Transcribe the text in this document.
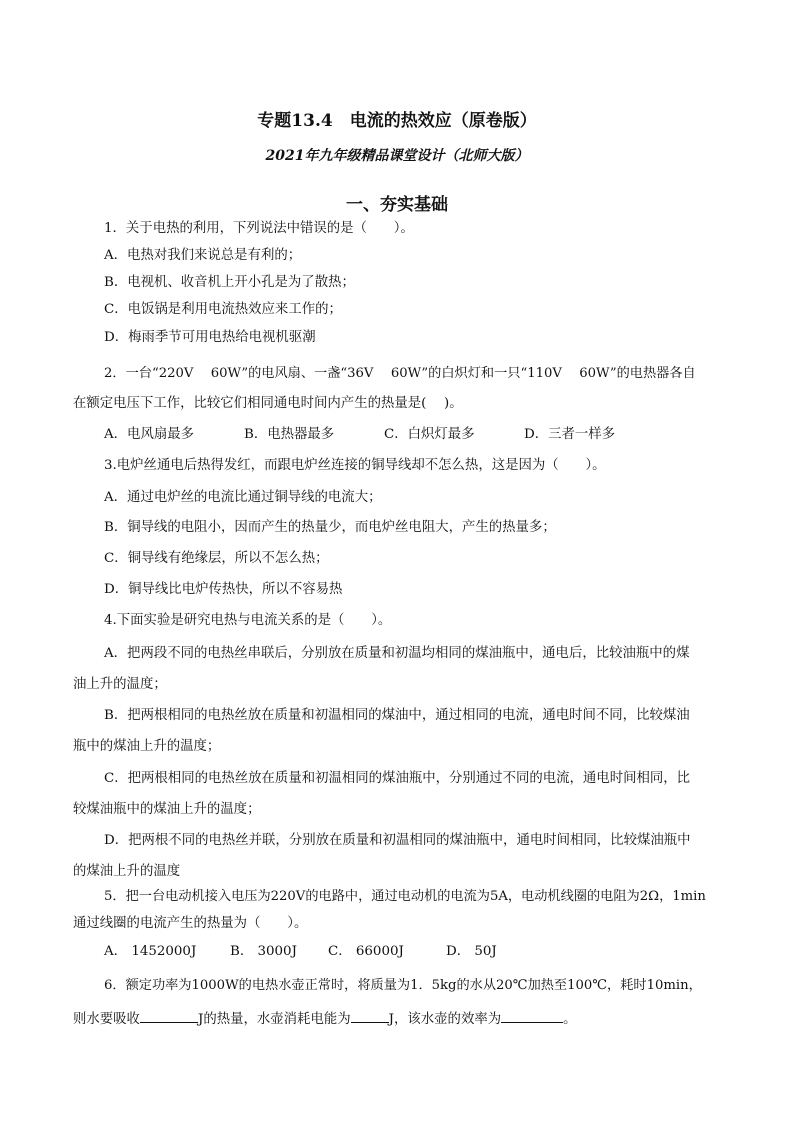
专题13.4　电流的热效应（原卷版）
2021年九年级精品课堂设计（北师大版）
一、夯实基础
1．关于电热的利用，下列说法中错误的是（　　）。
A．电热对我们来说总是有利的；
B．电视机、收音机上开小孔是为了散热；
C．电饭锅是利用电流热效应来工作的；
D．梅雨季节可用电热给电视机驱潮
2．一台“220V　 60W”的电风扇、一盏“36V　 60W”的白炽灯和一只“110V　 60W”的电热器各自
在额定电压下工作，比较它们相同通电时间内产生的热量是(　 )。
A．电风扇最多	B．电热器最多	C．白炽灯最多	D．三者一样多
3.电炉丝通电后热得发红，而跟电炉丝连接的铜导线却不怎么热，这是因为（　　）。
A．通过电炉丝的电流比通过铜导线的电流大；
B．铜导线的电阻小，因而产生的热量少，而电炉丝电阻大，产生的热量多；
C．铜导线有绝缘层，所以不怎么热；
D．铜导线比电炉传热快，所以不容易热
4.下面实验是研究电热与电流关系的是（　　）。
A．把两段不同的电热丝串联后，分别放在质量和初温均相同的煤油瓶中，通电后，比较油瓶中的煤
油上升的温度；
B．把两根相同的电热丝放在质量和初温相同的煤油中，通过相同的电流，通电时间不同，比较煤油
瓶中的煤油上升的温度；
C．把两根相同的电热丝放在质量和初温相同的煤油瓶中，分别通过不同的电流，通电时间相同，比
较煤油瓶中的煤油上升的温度；
D．把两根不同的电热丝并联，分别放在质量和初温相同的煤油瓶中，通电时间相同，比较煤油瓶中
的煤油上升的温度
5．把一台电动机接入电压为220V的电路中，通过电动机的电流为5A，电动机线圈的电阻为2Ω，1min
通过线圈的电流产生的热量为（　　）。
A． 1452000J	B． 3000J C． 66000J	D． 50J
6．额定功率为1000W的电热水壶正常时，将质量为1．5kg的水从20℃加热至100℃，耗时10min，
则水要吸收	J的热量，水壶消耗电能为	J，该水壶的效率为	。
